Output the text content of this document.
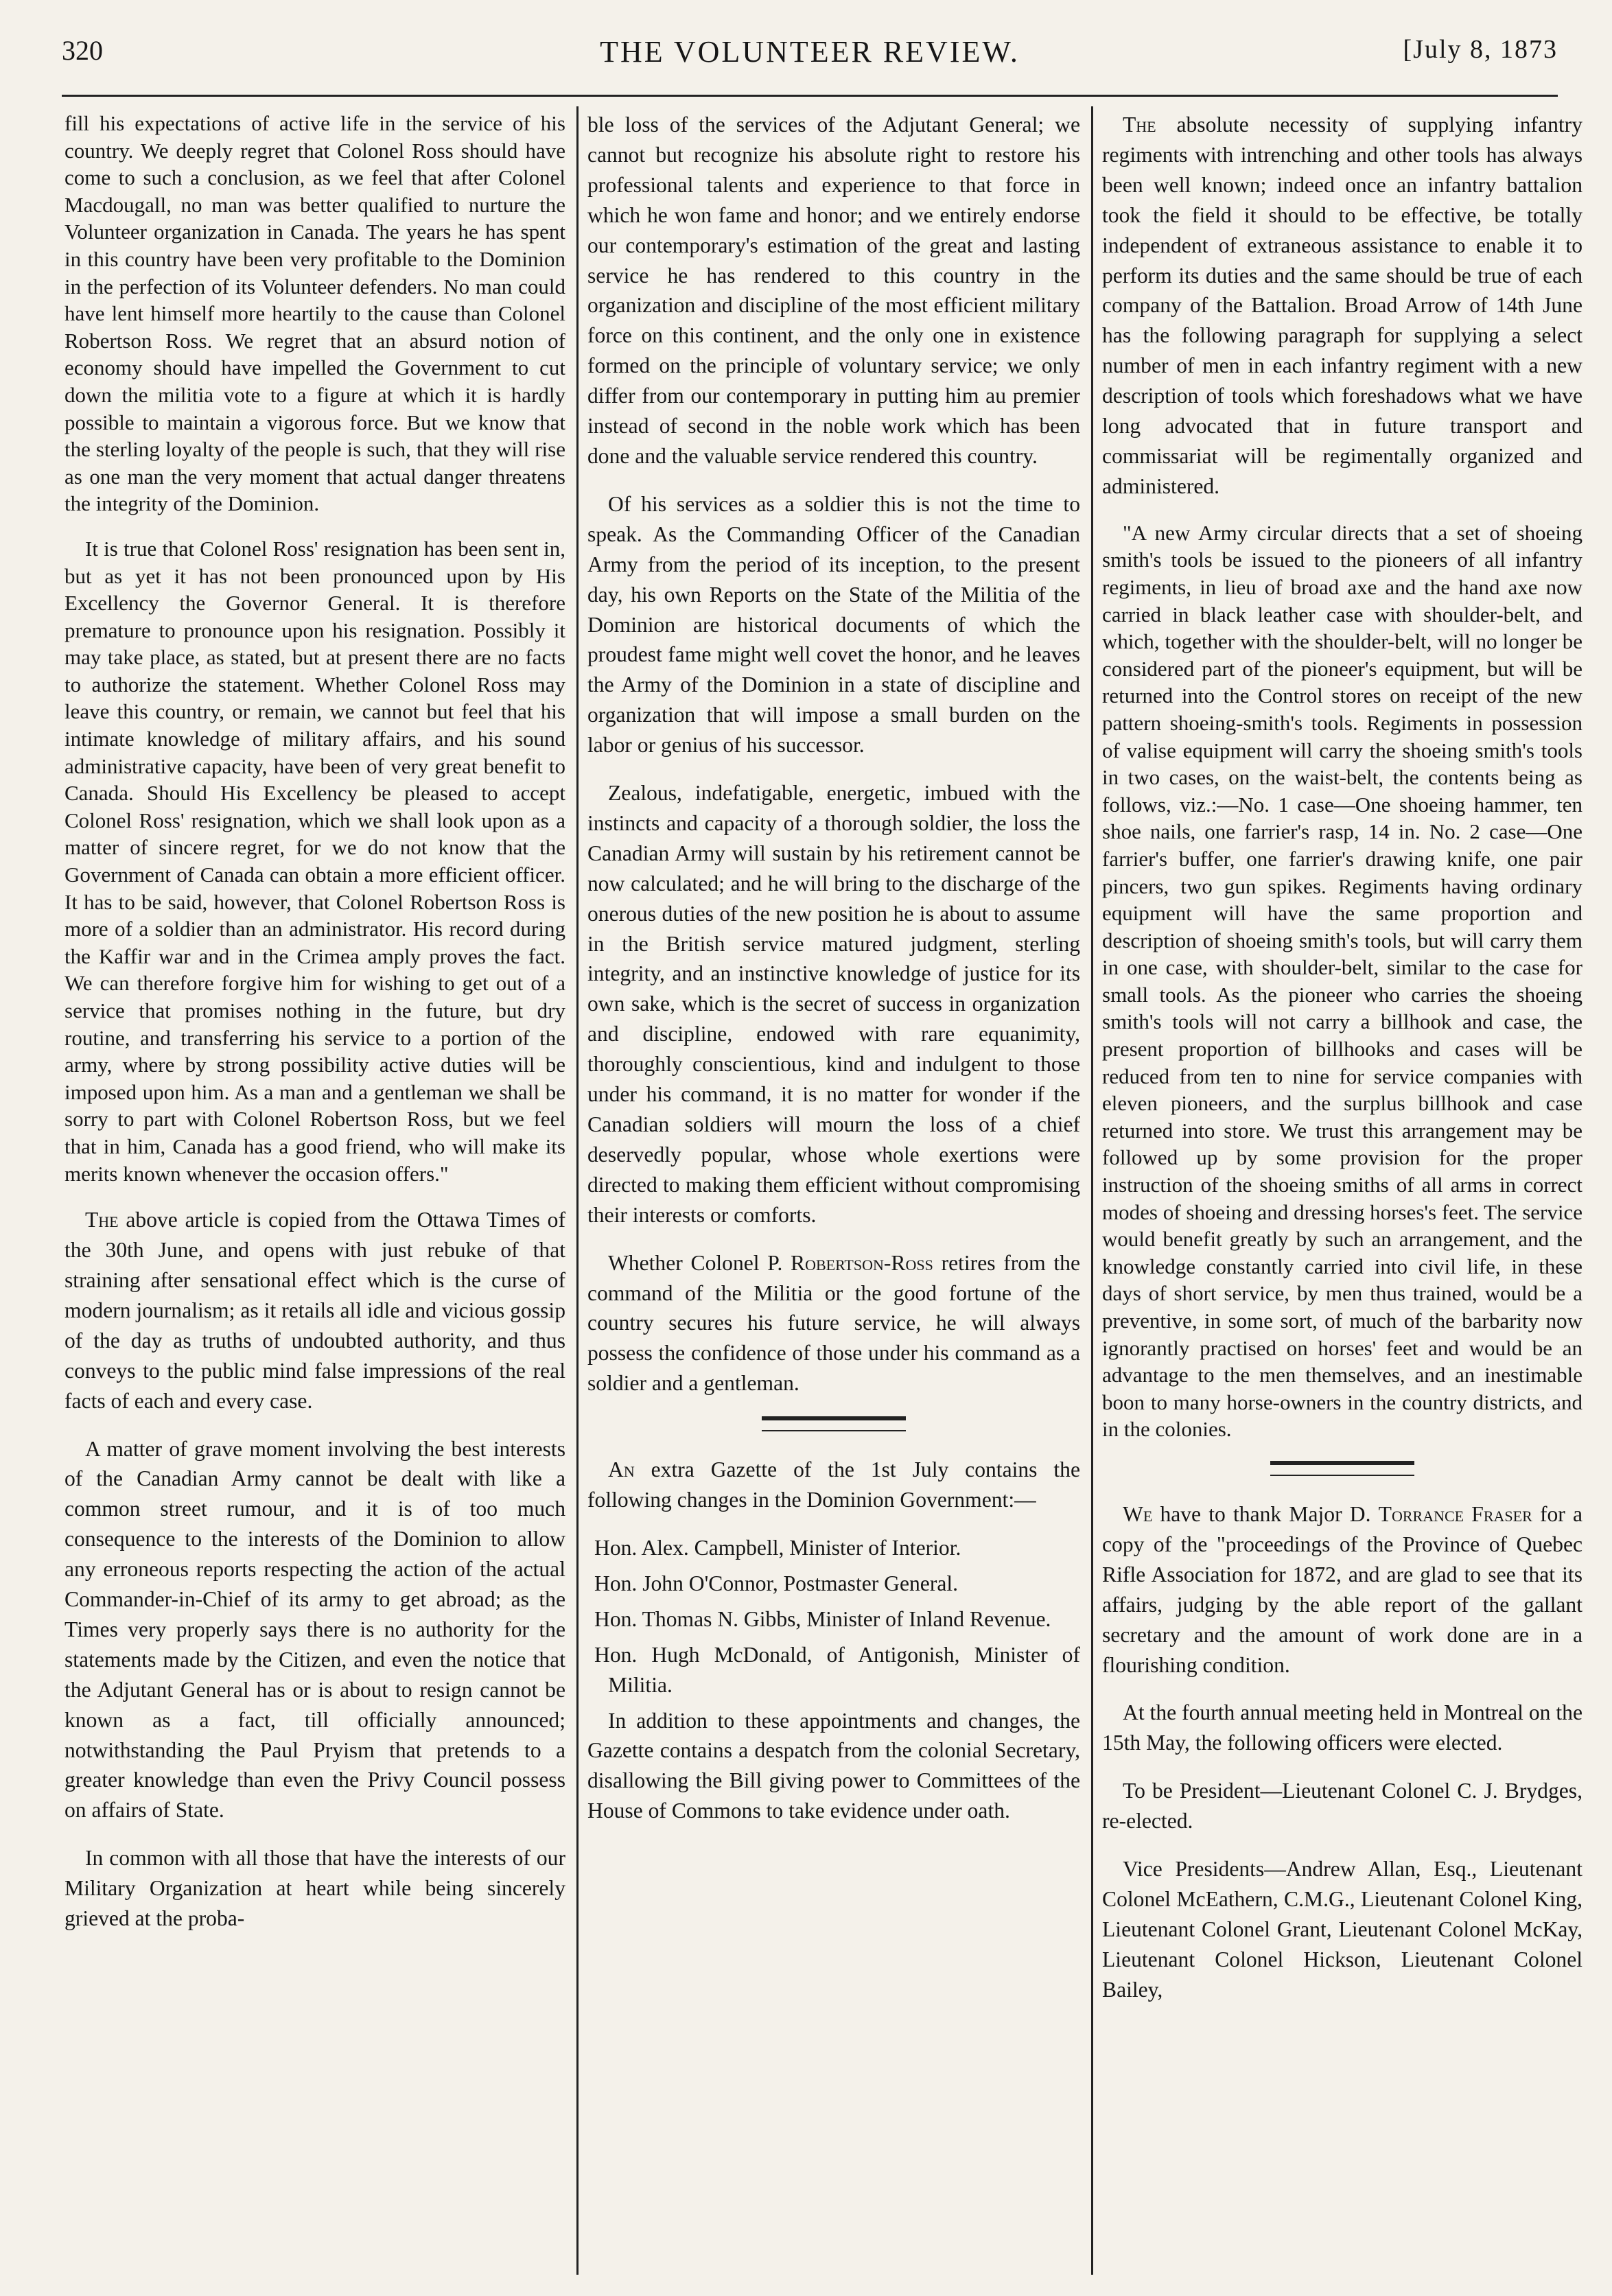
320	THE VOLUNTEER REVIEW.	[July 8, 1873

fill his expectations of active life in the service of his country. We deeply regret that Colonel Ross should have come to such a conclusion, as we feel that after Colonel Macdougall, no man was better qualified to nurture the Volunteer organization in Canada. The years he has spent in this country have been very profitable to the Dominion in the perfection of its Volunteer defenders. No man could have lent himself more heartily to the cause than Colonel Robertson Ross. We regret that an absurd notion of economy should have impelled the Government to cut down the militia vote to a figure at which it is hardly possible to maintain a vigorous force. But we know that the sterling loyalty of the people is such, that they will rise as one man the very moment that actual danger threatens the integrity of the Dominion.

It is true that Colonel Ross' resignation has been sent in, but as yet it has not been pronounced upon by His Excellency the Governor General. It is therefore premature to pronounce upon his resignation. Possibly it may take place, as stated, but at present there are no facts to authorize the statement. Whether Colonel Ross may leave this country, or remain, we cannot but feel that his intimate knowledge of military affairs, and his sound administrative capacity, have been of very great benefit to Canada. Should His Excellency be pleased to accept Colonel Ross' resignation, which we shall look upon as a matter of sincere regret, for we do not know that the Government of Canada can obtain a more efficient officer. It has to be said, however, that Colonel Robertson Ross is more of a soldier than an administrator. His record during the Kaffir war and in the Crimea amply proves the fact. We can therefore forgive him for wishing to get out of a service that promises nothing in the future, but dry routine, and transferring his service to a portion of the army, where by strong possibility active duties will be imposed upon him. As a man and a gentleman we shall be sorry to part with Colonel Robertson Ross, but we feel that in him, Canada has a good friend, who will make its merits known whenever the occasion offers."

The above article is copied from the Ottawa Times of the 30th June, and opens with just rebuke of that straining after sensational effect which is the curse of modern journalism; as it retails all idle and vicious gossip of the day as truths of undoubted authority, and thus conveys to the public mind false impressions of the real facts of each and every case.

A matter of grave moment involving the best interests of the Canadian Army cannot be dealt with like a common street rumour, and it is of too much consequence to the interests of the Dominion to allow any erroneous reports respecting the action of the actual Commander-in-Chief of its army to get abroad; as the Times very properly says there is no authority for the statements made by the Citizen, and even the notice that the Adjutant General has or is about to resign cannot be known as a fact, till officially announced; notwithstanding the Paul Pryism that pretends to a greater knowledge than even the Privy Council possess on affairs of State.

In common with all those that have the interests of our Military Organization at heart while being sincerely grieved at the proba-

ble loss of the services of the Adjutant General; we cannot but recognize his absolute right to restore his professional talents and experience to that force in which he won fame and honor; and we entirely endorse our contemporary's estimation of the great and lasting service he has rendered to this country in the organization and discipline of the most efficient military force on this continent, and the only one in existence formed on the principle of voluntary service; we only differ from our contemporary in putting him au premier instead of second in the noble work which has been done and the valuable service rendered this country.

Of his services as a soldier this is not the time to speak. As the Commanding Officer of the Canadian Army from the period of its inception, to the present day, his own Reports on the State of the Militia of the Dominion are historical documents of which the proudest fame might well covet the honor, and he leaves the Army of the Dominion in a state of discipline and organization that will impose a small burden on the labor or genius of his successor.

Zealous, indefatigable, energetic, imbued with the instincts and capacity of a thorough soldier, the loss the Canadian Army will sustain by his retirement cannot be now calculated; and he will bring to the discharge of the onerous duties of the new position he is about to assume in the British service matured judgment, sterling integrity, and an instinctive knowledge of justice for its own sake, which is the secret of success in organization and discipline, endowed with rare equanimity, thoroughly conscientious, kind and indulgent to those under his command, it is no matter for wonder if the Canadian soldiers will mourn the loss of a chief deservedly popular, whose whole exertions were directed to making them efficient without compromising their interests or comforts.

Whether Colonel P. Robertson-Ross retires from the command of the Militia or the good fortune of the country secures his future service, he will always possess the confidence of those under his command as a soldier and a gentleman.

An extra Gazette of the 1st July contains the following changes in the Dominion Government:—

Hon. Alex. Campbell, Minister of Interior.

Hon. John O'Connor, Postmaster General.

Hon. Thomas N. Gibbs, Minister of Inland Revenue.

Hon. Hugh McDonald, of Antigonish, Minister of Militia.

In addition to these appointments and changes, the Gazette contains a despatch from the colonial Secretary, disallowing the Bill giving power to Committees of the House of Commons to take evidence under oath.

The absolute necessity of supplying infantry regiments with intrenching and other tools has always been well known; indeed once an infantry battalion took the field it should to be effective, be totally independent of extraneous assistance to enable it to perform its duties and the same should be true of each company of the Battalion. Broad Arrow of 14th June has the following paragraph for supplying a select number of men in each infantry regiment with a new description of tools which foreshadows what we have long advocated that in future transport and commissariat will be regimentally organized and administered.

"A new Army circular directs that a set of shoeing smith's tools be issued to the pioneers of all infantry regiments, in lieu of broad axe and the hand axe now carried in black leather case with shoulder-belt, and which, together with the shoulder-belt, will no longer be considered part of the pioneer's equipment, but will be returned into the Control stores on receipt of the new pattern shoeing-smith's tools. Regiments in possession of valise equipment will carry the shoeing smith's tools in two cases, on the waist-belt, the contents being as follows, viz.:—No. 1 case—One shoeing hammer, ten shoe nails, one farrier's rasp, 14 in. No. 2 case—One farrier's buffer, one farrier's drawing knife, one pair pincers, two gun spikes. Regiments having ordinary equipment will have the same proportion and description of shoeing smith's tools, but will carry them in one case, with shoulder-belt, similar to the case for small tools. As the pioneer who carries the shoeing smith's tools will not carry a billhook and case, the present proportion of billhooks and cases will be reduced from ten to nine for service companies with eleven pioneers, and the surplus billhook and case returned into store. We trust this arrangement may be followed up by some provision for the proper instruction of the shoeing smiths of all arms in correct modes of shoeing and dressing horses's feet. The service would benefit greatly by such an arrangement, and the knowledge constantly carried into civil life, in these days of short service, by men thus trained, would be a preventive, in some sort, of much of the barbarity now ignorantly practised on horses' feet and would be an advantage to the men themselves, and an inestimable boon to many horse-owners in the country districts, and in the colonies.

We have to thank Major D. Torrance Fraser for a copy of the "proceedings of the Province of Quebec Rifle Association for 1872, and are glad to see that its affairs, judging by the able report of the gallant secretary and the amount of work done are in a flourishing condition.

At the fourth annual meeting held in Montreal on the 15th May, the following officers were elected.

To be President—Lieutenant Colonel C. J. Brydges, re-elected.

Vice Presidents—Andrew Allan, Esq., Lieutenant Colonel McEathern, C.M.G., Lieutenant Colonel King, Lieutenant Colonel Grant, Lieutenant Colonel McKay, Lieutenant Colonel Hickson, Lieutenant Colonel Bailey,
